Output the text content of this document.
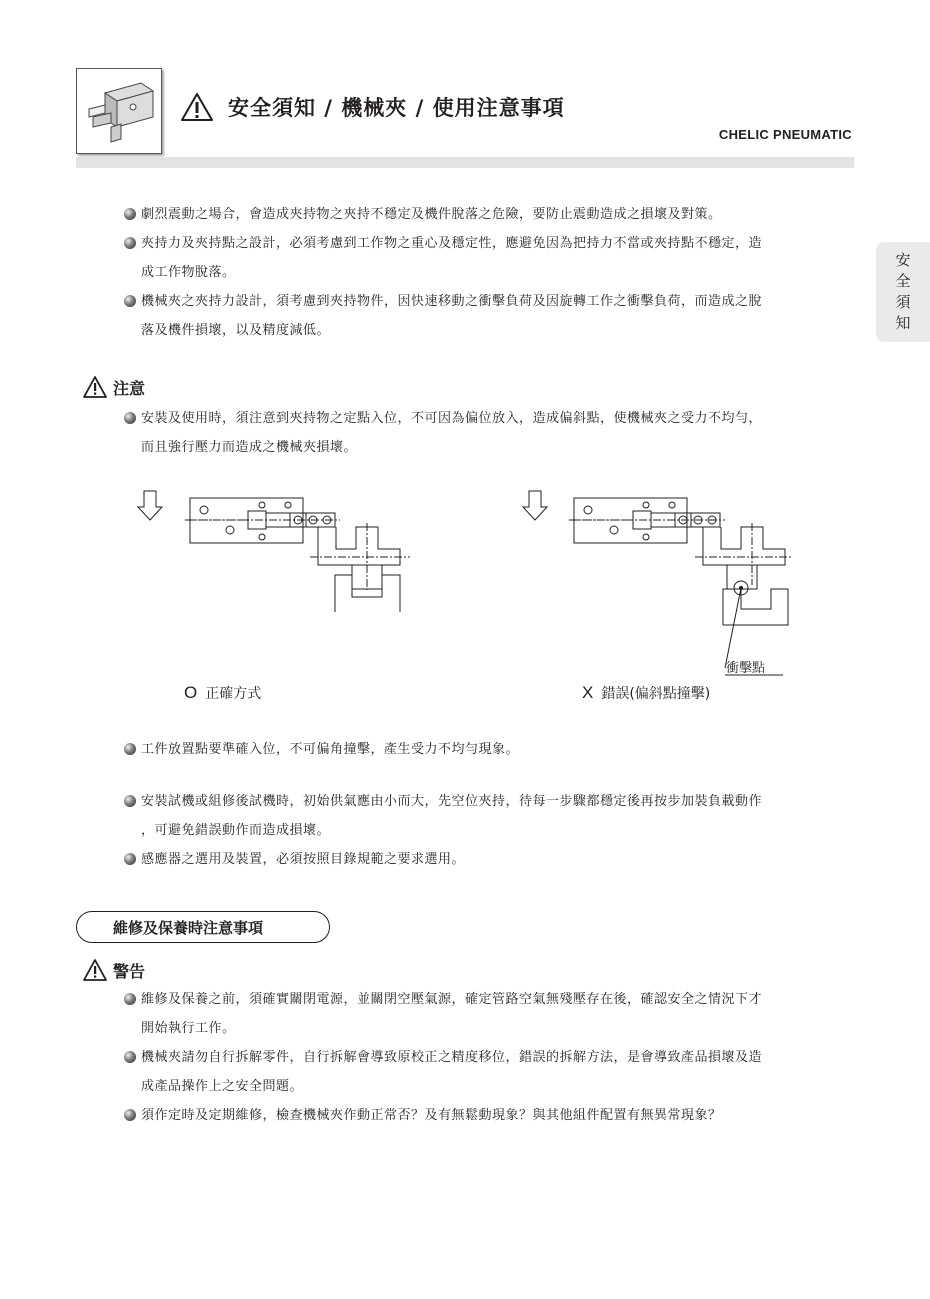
安全須知 / 機械夾 / 使用注意事項
CHELIC PNEUMATIC
安
全
須
知
劇烈震動之場合，會造成夾持物之夾持不穩定及機件脫落之危險，要防止震動造成之損壞及對策。
夾持力及夾持點之設計，必須考慮到工作物之重心及穩定性，應避免因為把持力不當或夾持點不穩定，造
成工作物脫落。
機械夾之夾持力設計，須考慮到夾持物件，因快速移動之衝擊負荷及因旋轉工作之衝擊負荷，而造成之脫
落及機件損壞，以及精度減低。
注意
安裝及使用時，須注意到夾持物之定點入位，不可因為偏位放入，造成偏斜點，使機械夾之受力不均勻，
而且強行壓力而造成之機械夾損壞。
O 正確方式
衝擊點
X 錯誤(偏斜點撞擊)
工件放置點要準確入位，不可偏角撞擊，產生受力不均勻現象。
安裝試機或組修後試機時，初始供氣應由小而大，先空位夾持，待每一步驟都穩定後再按步加裝負載動作
，可避免錯誤動作而造成損壞。
感應器之選用及裝置，必須按照目錄規範之要求選用。
維修及保養時注意事項
警告
維修及保養之前，須確實關閉電源，並關閉空壓氣源，確定管路空氣無殘壓存在後，確認安全之情況下才
開始執行工作。
機械夾請勿自行拆解零件，自行拆解會導致原校正之精度移位，錯誤的拆解方法，是會導致產品損壞及造
成產品操作上之安全問題。
須作定時及定期維修，檢查機械夾作動正常否？及有無鬆動現象？與其他組件配置有無異常現象？
